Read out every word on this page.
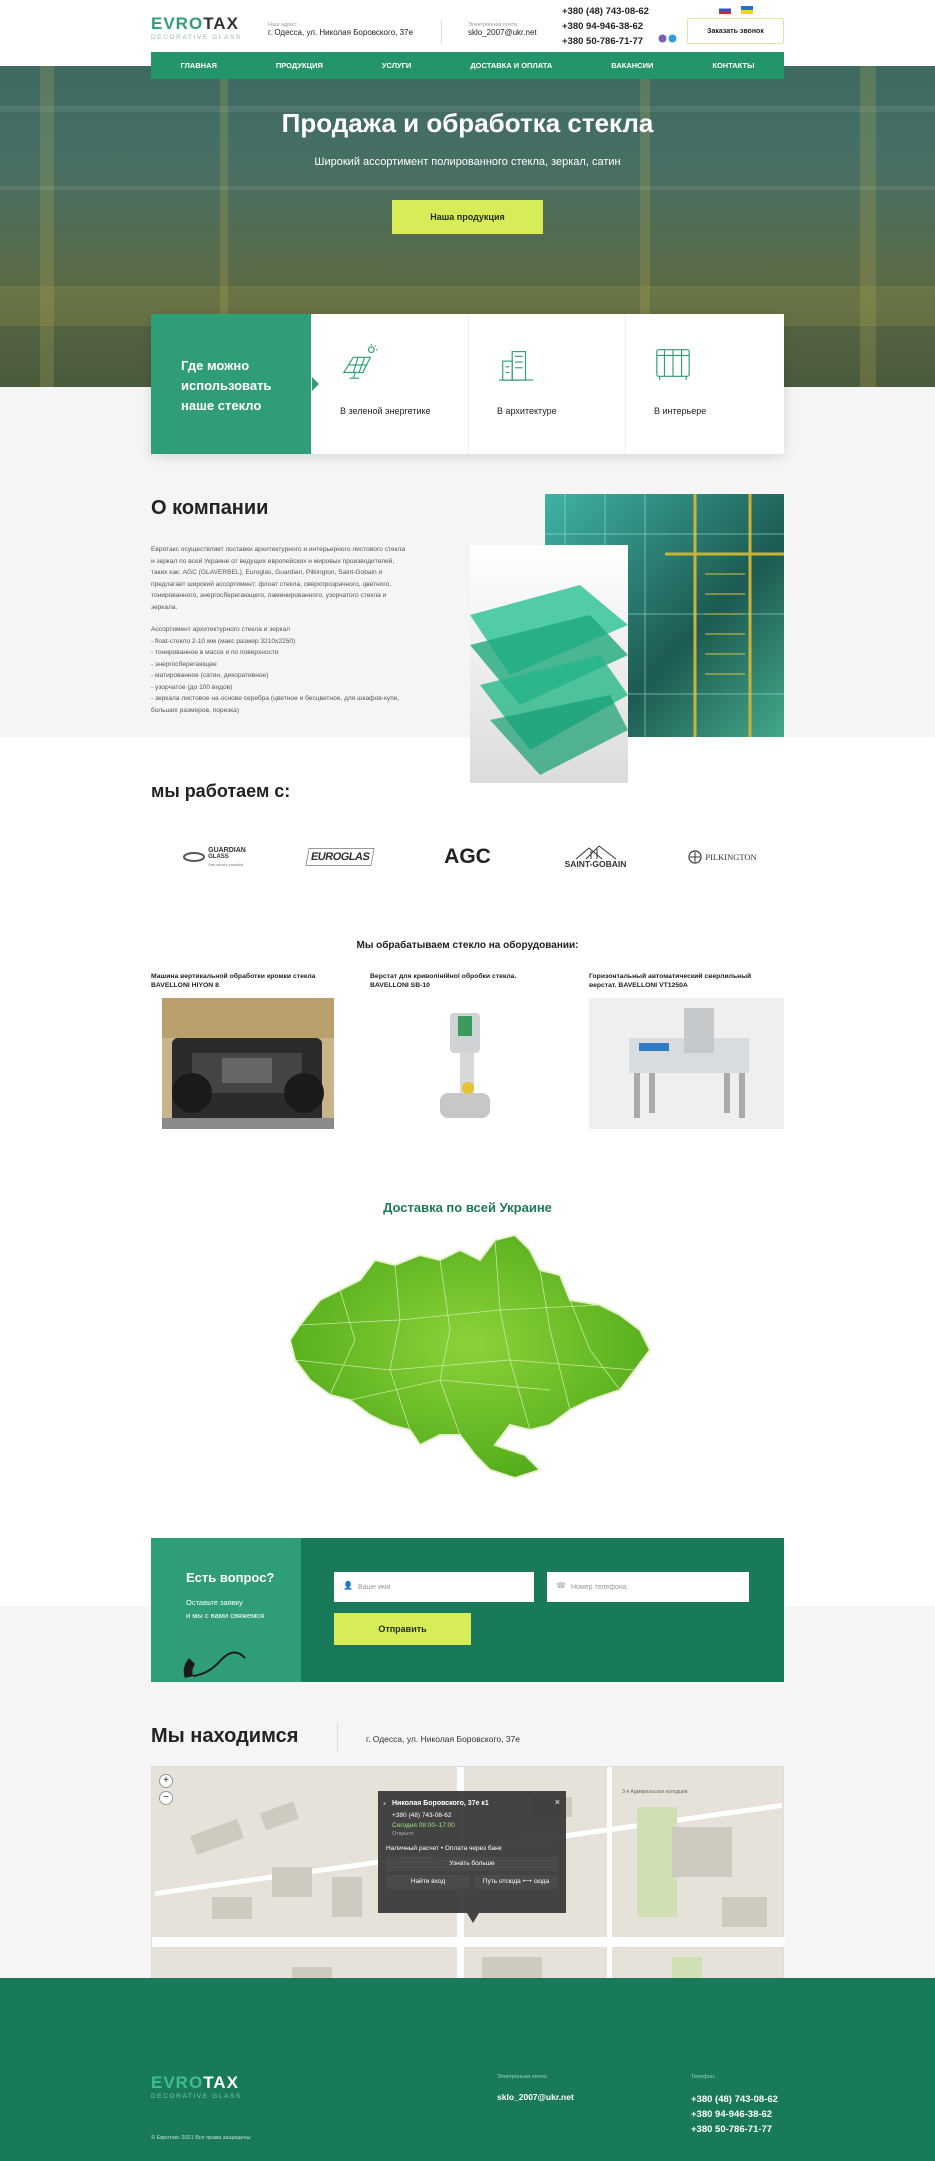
EVROTAX
DECORATIVE GLASS
Наш адрес:
г. Одесса, ул. Николая Боровского, 37е
Электронная почта:
sklo_2007@ukr.net
+380 (48) 743-08-62
+380 94-946-38-62
+380 50-786-71-77
Заказать звонок
Продажа и обработка стекла
Широкий ассортимент полированного стекла, зеркал, сатин
Наша продукция
ГЛАВНАЯ	ПРОДУКЦИЯ	УСЛУГИ	ДОСТАВКА И ОПЛАТА	ВАКАНСИИ	КОНТАКТЫ
Где можно
использовать
наше стекло	В зеленой энергетике	В архитектуре	В интерьере
О компании
Евротакс осуществляет поставки архитектурного и интерьерного листового стекла
и зеркал по всей Украине от ведущих европейских и мировых производителей,
таких как: AGC (GLAVERBEL), Euroglas, Guardian, Pilkington, Saint-Gobain и
предлагает широкий ассортимент: флоат стекла, сверхпрозрачного, цветного,
тонированного, энергосберегающего, ламинированного, узорчатого стекла и
зеркала.
Ассортимент архитектурного стекла и зеркал
- float-стекло 2-10 мм (макс размер 3210х2250)
- тонированное в массе и по поверхности
- энергосберегающее
- матированное (сатин, декоративное)
- узорчатое (до 100 видов)
- зеркала листовое на основе серебра (цветное и бесцветное, для шкафов-купе,
больших размеров, порезка)
мы работаем с:
GUARDIAN
GLASS
See what's possible
EUROGLAS	AGC	SAINT-GOBAIN
PILKINGTON
Мы обрабатываем стекло на оборудовании:
Машина вертикальной обработки кромки стекла
BAVELLONI HIYON 8
Верстат для криволінійної обробки стекла.
BAVELLONI SB-10
Горизонтальный автоматический сверлильный
верстат. BAVELLONI VT1250A
Доставка по всей Украине
Есть вопрос?
Оставьте заявку
и мы с вами свяжемся
👤 Ваше имя	☎ Номер телефона
Отправить
Мы находимся	г. Одесса, ул. Николая Боровского, 37е
3-я Адмиральская колодцев
+
−
Николая Боровского, 37е к1	×
●
+380 (48) 743-08-62
Сегодня 08:00–17:00
Открыто
Наличный расчет • Оплата через банк
Узнать больше
Найти вход	Путь отсюда ⟷ сюда
EVROTAX
DECORATIVE GLASS
Электронная почта:
sklo_2007@ukr.net
Телефон:
+380 (48) 743-08-62
+380 94-946-38-62
+380 50-786-71-77
© Евротакс 2021 Все права защищены
